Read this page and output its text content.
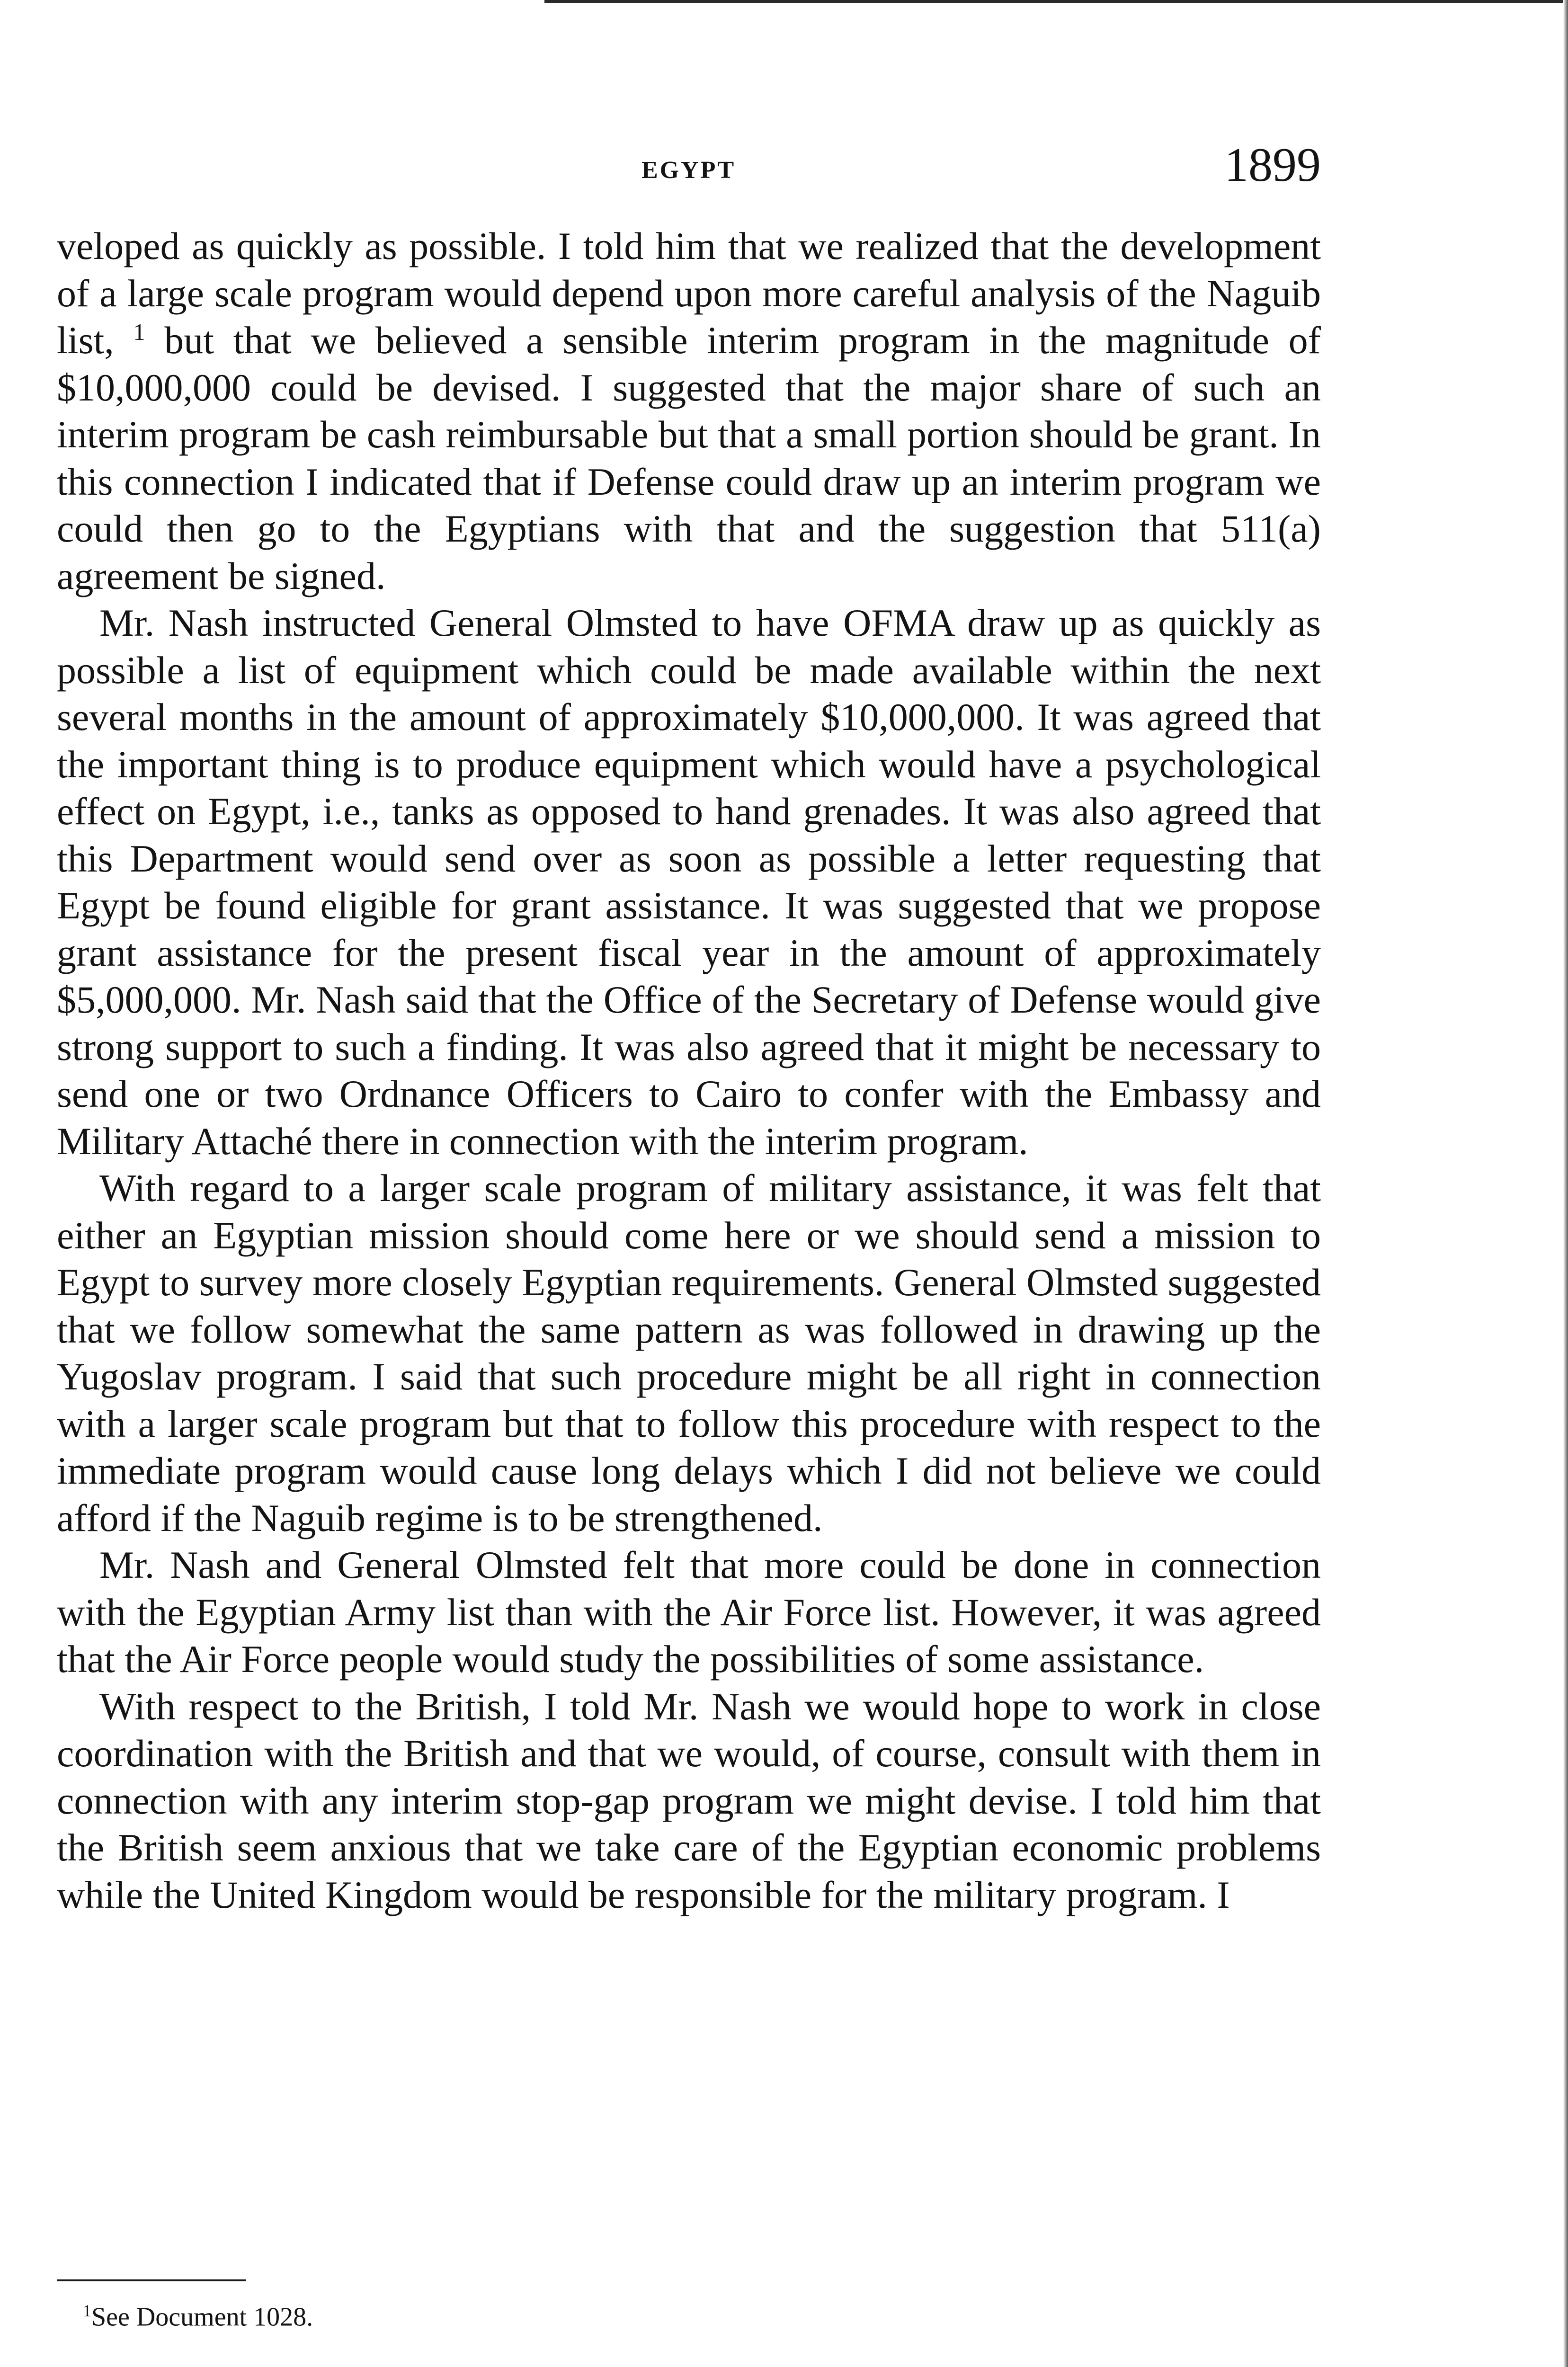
EGYPT	1899

veloped as quickly as possible. I told him that we realized that the development of a large scale program would depend upon more careful analysis of the Naguib list, $^1$ but that we believed a sensible interim program in the magnitude of $10,000,000 could be devised. I suggested that the major share of such an interim program be cash reimbursable but that a small portion should be grant. In this connection I indicated that if Defense could draw up an interim program we could then go to the Egyptians with that and the suggestion that 511(a) agreement be signed.

Mr. Nash instructed General Olmsted to have OFMA draw up as quickly as possible a list of equipment which could be made available within the next several months in the amount of approximately $10,000,000. It was agreed that the important thing is to produce equipment which would have a psychological effect on Egypt, i.e., tanks as opposed to hand grenades. It was also agreed that this Department would send over as soon as possible a letter requesting that Egypt be found eligible for grant assistance. It was suggested that we propose grant assistance for the present fiscal year in the amount of approximately $5,000,000. Mr. Nash said that the Office of the Secretary of Defense would give strong support to such a finding. It was also agreed that it might be necessary to send one or two Ordnance Officers to Cairo to confer with the Embassy and Military Attaché there in connection with the interim program.

With regard to a larger scale program of military assistance, it was felt that either an Egyptian mission should come here or we should send a mission to Egypt to survey more closely Egyptian requirements. General Olmsted suggested that we follow somewhat the same pattern as was followed in drawing up the Yugoslav program. I said that such procedure might be all right in connection with a larger scale program but that to follow this procedure with respect to the immediate program would cause long delays which I did not believe we could afford if the Naguib regime is to be strengthened.

Mr. Nash and General Olmsted felt that more could be done in connection with the Egyptian Army list than with the Air Force list. However, it was agreed that the Air Force people would study the possibilities of some assistance.

With respect to the British, I told Mr. Nash we would hope to work in close coordination with the British and that we would, of course, consult with them in connection with any interim stop-gap program we might devise. I told him that the British seem anxious that we take care of the Egyptian economic problems while the United Kingdom would be responsible for the military program. I

$^1$See Document 1028.
